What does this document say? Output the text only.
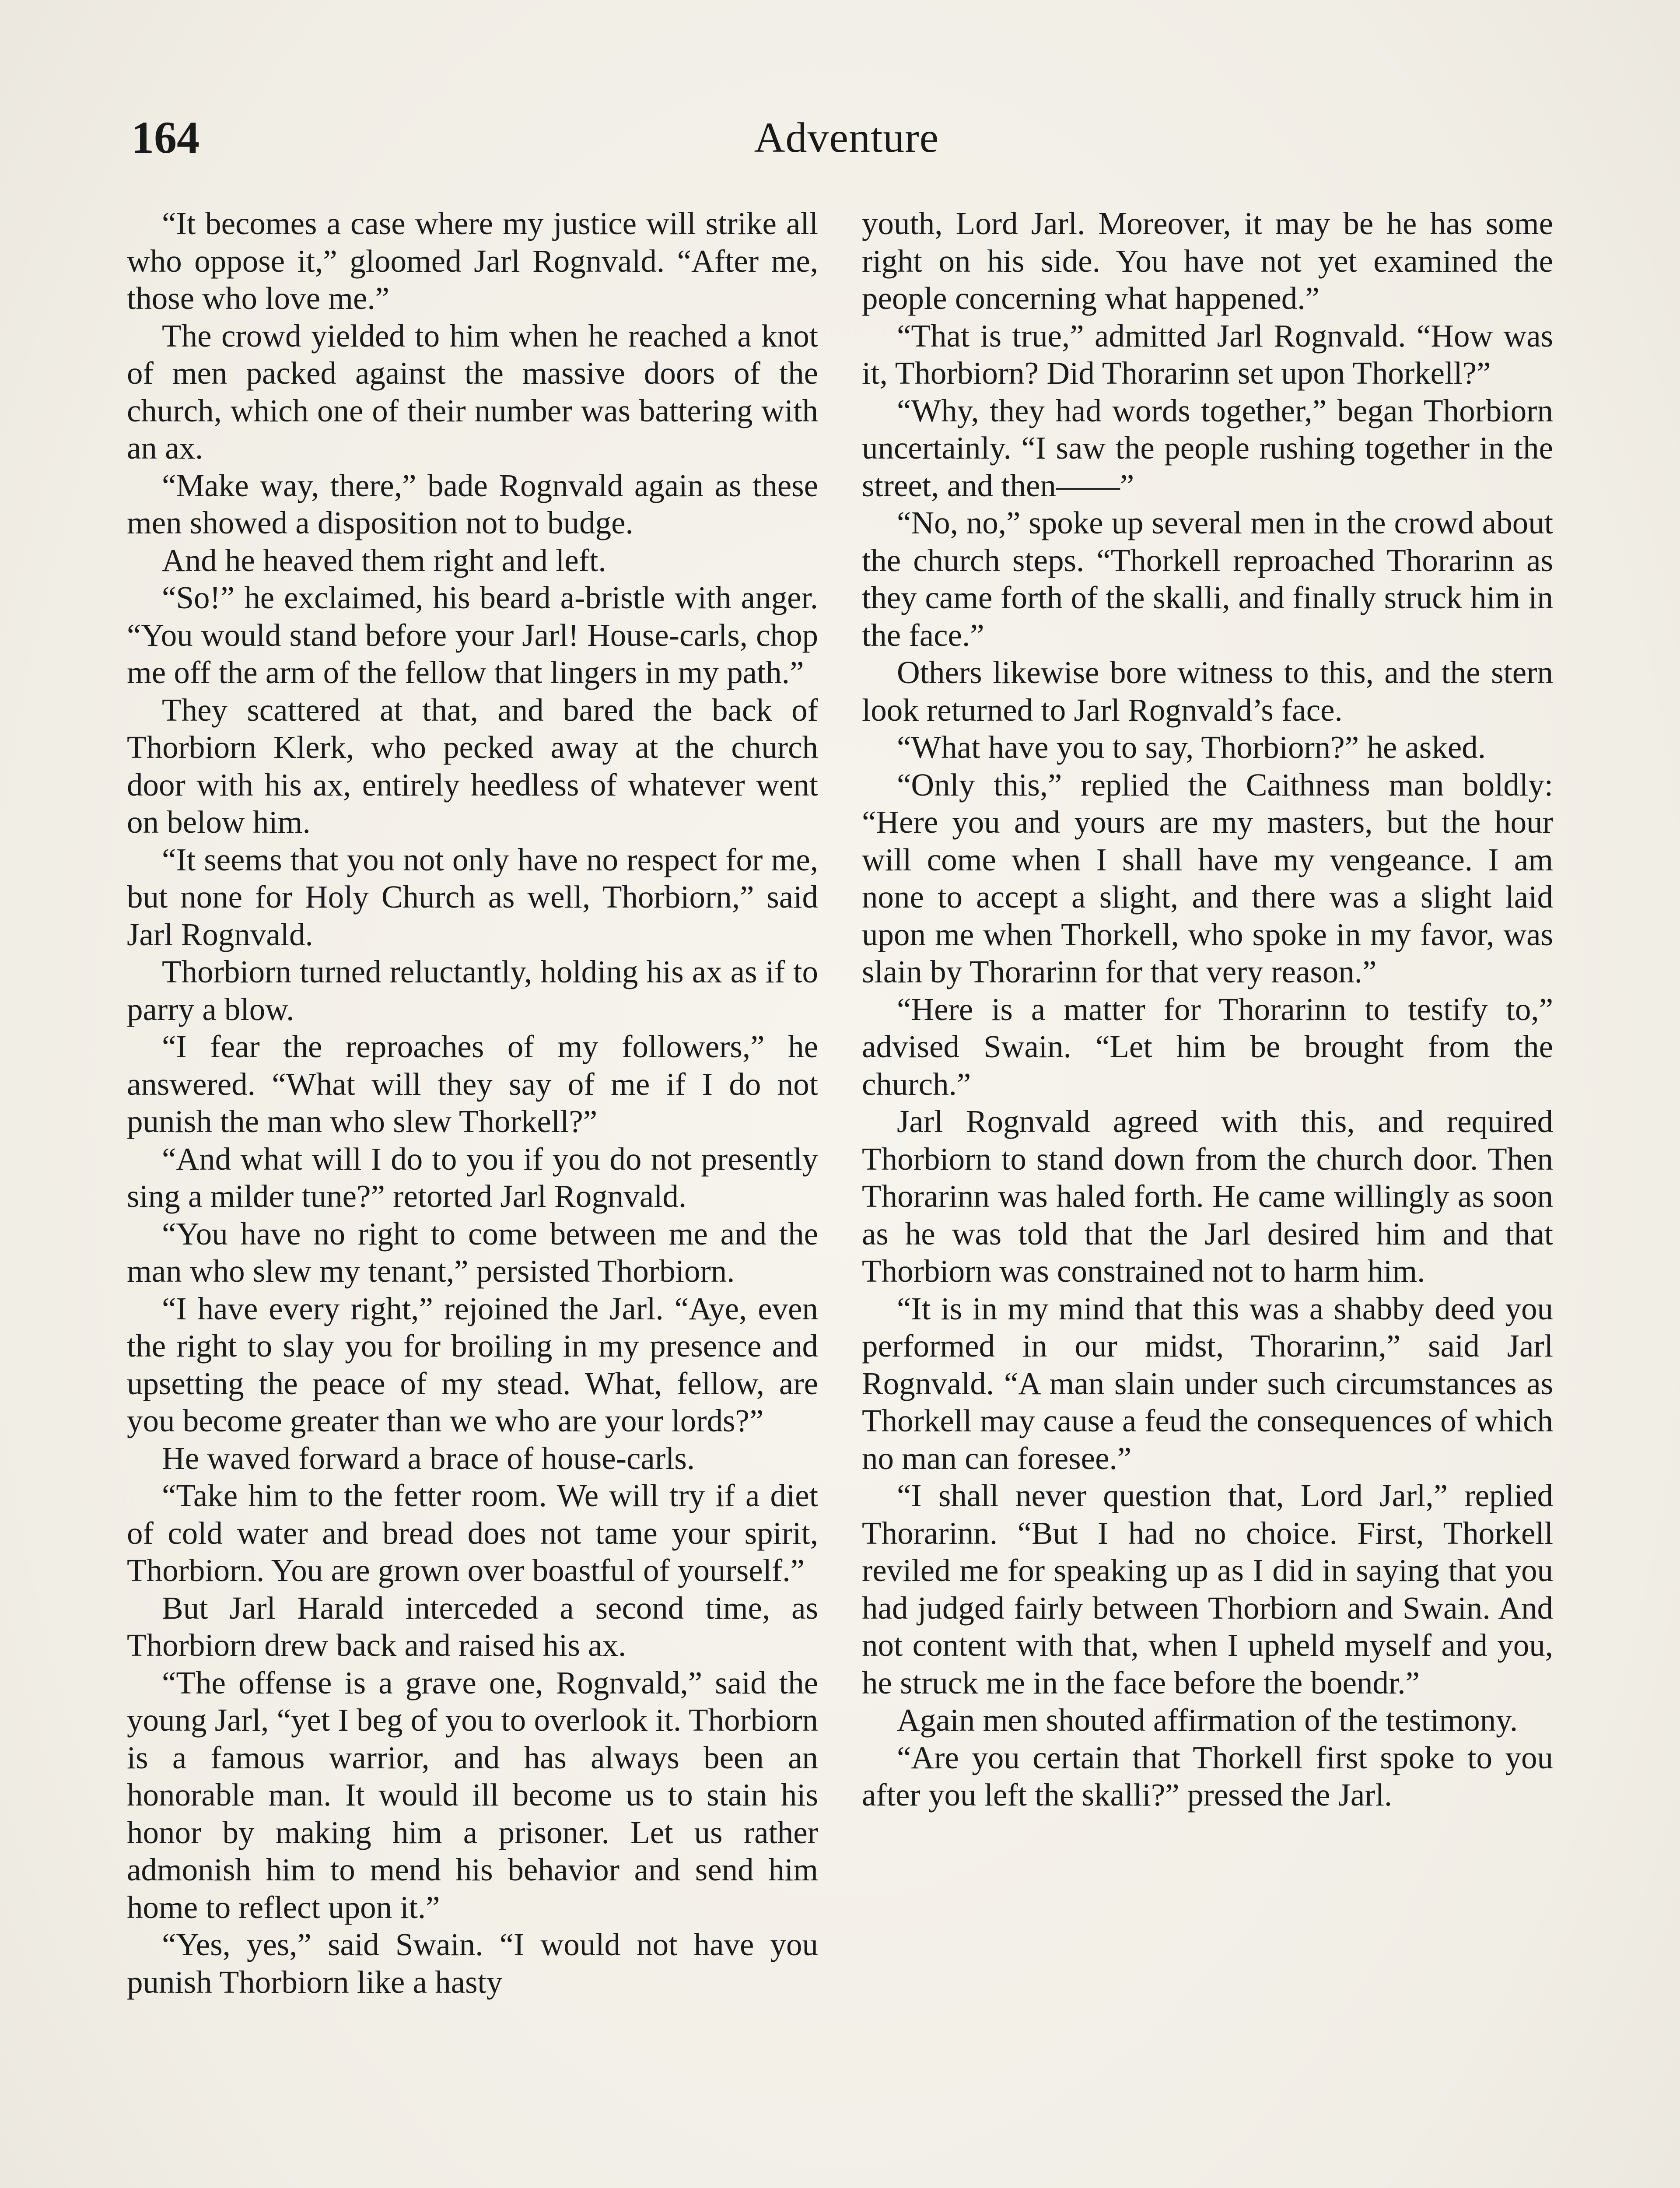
164	Adventure

“It becomes a case where my justice will strike all who oppose it,” gloomed Jarl Rognvald. “After me, those who love me.”

The crowd yielded to him when he reached a knot of men packed against the massive doors of the church, which one of their number was battering with an ax.

“Make way, there,” bade Rognvald again as these men showed a disposition not to budge.

And he heaved them right and left.

“So!” he exclaimed, his beard a-bristle with anger. “You would stand before your Jarl! House-carls, chop me off the arm of the fellow that lingers in my path.”

They scattered at that, and bared the back of Thorbiorn Klerk, who pecked away at the church door with his ax, entirely heedless of whatever went on below him.

“It seems that you not only have no respect for me, but none for Holy Church as well, Thorbiorn,” said Jarl Rognvald.

Thorbiorn turned reluctantly, holding his ax as if to parry a blow.

“I fear the reproaches of my followers,” he answered. “What will they say of me if I do not punish the man who slew Thorkell?”

“And what will I do to you if you do not presently sing a milder tune?” retorted Jarl Rognvald.

“You have no right to come between me and the man who slew my tenant,” persisted Thorbiorn.

“I have every right,” rejoined the Jarl. “Aye, even the right to slay you for broiling in my presence and upsetting the peace of my stead. What, fellow, are you become greater than we who are your lords?”

He waved forward a brace of house-carls.

“Take him to the fetter room. We will try if a diet of cold water and bread does not tame your spirit, Thorbiorn. You are grown over boastful of yourself.”

But Jarl Harald interceded a second time, as Thorbiorn drew back and raised his ax.

“The offense is a grave one, Rognvald,” said the young Jarl, “yet I beg of you to overlook it. Thorbiorn is a famous warrior, and has always been an honorable man. It would ill become us to stain his honor by making him a prisoner. Let us rather admonish him to mend his behavior and send him home to reflect upon it.”

“Yes, yes,” said Swain. “I would not have you punish Thorbiorn like a hasty

youth, Lord Jarl. Moreover, it may be he has some right on his side. You have not yet examined the people concerning what happened.”

“That is true,” admitted Jarl Rognvald. “How was it, Thorbiorn? Did Thorarinn set upon Thorkell?”

“Why, they had words together,” began Thorbiorn uncertainly. “I saw the people rushing together in the street, and then——”

“No, no,” spoke up several men in the crowd about the church steps. “Thorkell reproached Thorarinn as they came forth of the skalli, and finally struck him in the face.”

Others likewise bore witness to this, and the stern look returned to Jarl Rognvald’s face.

“What have you to say, Thorbiorn?” he asked.

“Only this,” replied the Caithness man boldly: “Here you and yours are my masters, but the hour will come when I shall have my vengeance. I am none to accept a slight, and there was a slight laid upon me when Thorkell, who spoke in my favor, was slain by Thorarinn for that very reason.”

“Here is a matter for Thorarinn to testify to,” advised Swain. “Let him be brought from the church.”

Jarl Rognvald agreed with this, and required Thorbiorn to stand down from the church door. Then Thorarinn was haled forth. He came willingly as soon as he was told that the Jarl desired him and that Thorbiorn was constrained not to harm him.

“It is in my mind that this was a shabby deed you performed in our midst, Thorarinn,” said Jarl Rognvald. “A man slain under such circumstances as Thorkell may cause a feud the consequences of which no man can foresee.”

“I shall never question that, Lord Jarl,” replied Thorarinn. “But I had no choice. First, Thorkell reviled me for speaking up as I did in saying that you had judged fairly between Thorbiorn and Swain. And not content with that, when I upheld myself and you, he struck me in the face before the boendr.”

Again men shouted affirmation of the testimony.

“Are you certain that Thorkell first spoke to you after you left the skalli?” pressed the Jarl.
